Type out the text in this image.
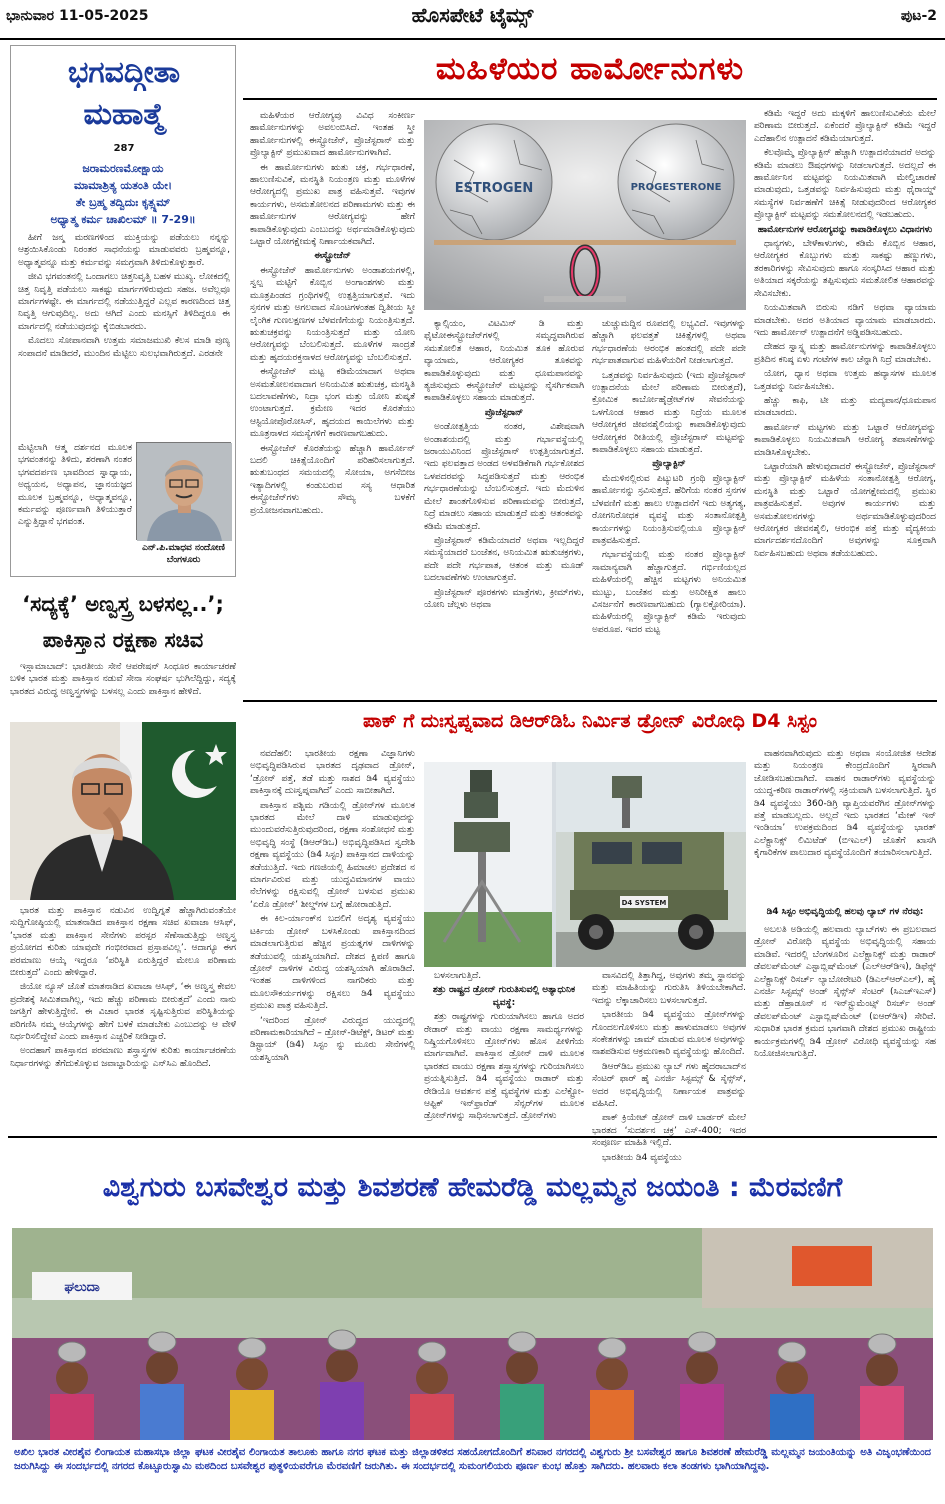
ಭಾನುವಾರ 11-05-2025	ಹೊಸಪೇಟೆ ಟೈಮ್ಸ್	ಪುಟ-2
ಭಗವದ್ಗೀತಾ
ಮಹಾತ್ಮೆ
287
ಜರಾಮರಣಮೋಕ್ಷಾಯ
ಮಾಮಾಶ್ರಿತ್ಯ ಯತಂತಿ ಯೇ।
ತೇ ಬ್ರಹ್ಮ ತದ್ವಿದುಃ ಕೃತ್ಸ್ನಮ್
ಅಧ್ಯಾತ್ಮ ಕರ್ಮ ಚಾಖಿಲಮ್ ॥ 7-29॥

ಹೀಗೆ ಜನ್ಮ ಮರಣಗಳಿಂದ ಮುಕ್ತಿಯನ್ನು ಪಡೆಯಲು ನನ್ನನ್ನು ಆಶ್ರಯಿಸಿಕೊಂಡು ನಿರಂತರ ಸಾಧನೆಯನ್ನು ಮಾಡುವವರು ಬ್ರಹ್ಮವನ್ನೂ, ಅಧ್ಯಾತ್ಮವನ್ನೂ ಮತ್ತು ಕರ್ಮವನ್ನು ಸಮಗ್ರವಾಗಿ ತಿಳಿದುಕೊಳ್ಳುತ್ತಾರೆ.

ಜೀವಿ ಭಗವಂತನಲ್ಲಿ ಒಂದಾಗಲು ಚಿತ್ತನಿವೃತ್ತಿ ಬಹಳ ಮುಖ್ಯ. ಲೋಕದಲ್ಲಿ ಚಿತ್ತ ನಿವೃತ್ತಿ ಪಡೆಯಲು ಸಾಕಷ್ಟು ಮಾರ್ಗಗಳಿರುವುದು ಸಹಜ. ಅವೆಲ್ಲವೂ ಮಾರ್ಗಗಳಷ್ಟೇ. ಈ ಮಾರ್ಗದಲ್ಲಿ ನಡೆಯುತ್ತಿದ್ದರೆ ಎಲ್ಲವ ಕಾರಣದಿಂದ ಚಿತ್ತ ನಿವೃತ್ತಿ ಆಗುವುದಿಲ್ಲ. ಅದು ಆಗಿದೆ ಎಂದು ಮನಸ್ಸಿಗೆ ತಿಳಿದಿದ್ದರೂ ಈ ಮಾರ್ಗದಲ್ಲಿ ನಡೆಯುವುದನ್ನು ಕೈಬಿಡಬಾರದು.

ಮೊದಲು ಸೋಪಾನವಾಗಿ ಉತ್ತಮ ಸಮಾಜಮುಖಿ ಕೆಲಸ ಮಾಡಿ ಪುಣ್ಯ ಸಂಪಾದನೆ ಮಾಡಿದರೆ, ಮುಂದಿನ ಮೆಟ್ಟಿಲು ಸುಲಭವಾಗಿರುತ್ತದೆ. ಎರಡನೇ

ಮೆಟ್ಟಿಲಾಗಿ ಆತ್ಮ ದರ್ಶನದ ಮೂಲಕ ಭಗವಂತನನ್ನು ತಿಳಿದು, ಶರಣಾಗಿ ನಂತರ ಭಗವದರ್ಪಣ ಭಾವದಿಂದ ಸ್ವಾಧ್ಯಾಯ, ಅಧ್ಯಯನ, ಅಧ್ಯಾಪನ, ಜ್ಞಾನಯಜ್ಞದ ಮೂಲಕ ಬ್ರಹ್ಮವನ್ನೂ, ಅಧ್ಯಾತ್ಮವನ್ನೂ, ಕರ್ಮವನ್ನು ಪೂರ್ಣವಾಗಿ ತಿಳಿಯುತ್ತಾರೆ ಎನ್ನುತ್ತಿದ್ದಾನೆ ಭಗವಂತ.

ಎನ್.ಪಿ.ಮಾಧವ ನಂದೋಣಿ
ಬೆಂಗಳೂರು
‘ಸದ್ಯಕ್ಕೆ’ ಅಣ್ವಸ್ತ್ರ ಬಳಸಲ್ಲ..’;
ಪಾಕಿಸ್ತಾನ ರಕ್ಷಣಾ ಸಚಿವ

ಇಸ್ಲಾಮಾಬಾದ್: ಭಾರತೀಯ ಸೇನೆ ಆಪರೇಷನ್ ಸಿಂಧೂರ ಕಾರ್ಯಾಚರಣೆ ಬಳಿಕ ಭಾರತ ಮತ್ತು ಪಾಕಿಸ್ತಾನ ನಡುವೆ ಸೇನಾ ಸಂಘರ್ಷ ಭುಗಿಲೆದ್ದಿದ್ದು, ಸದ್ಯಕ್ಕೆ ಭಾರತದ ವಿರುದ್ಧ ಅಣ್ವಸ್ತ್ರಗಳನ್ನು ಬಳಸಲ್ಲ ಎಂದು ಪಾಕಿಸ್ತಾನ ಹೇಳಿದೆ.

ಭಾರತ ಮತ್ತು ಪಾಕಿಸ್ತಾನ ನಡುವಿನ ಉದ್ವಿಗ್ನತೆ ಹೆಚ್ಚಾಗಿರುವಂತೆಯೇ ಸುದ್ದಿಗೋಷ್ಠಿಯಲ್ಲಿ ಮಾತನಾಡಿದ ಪಾಕಿಸ್ತಾನ ರಕ್ಷಣಾ ಸಚಿವ ಖವಾಜಾ ಆಸಿಫ್, ‘ಭಾರತ ಮತ್ತು ಪಾಕಿಸ್ತಾನ ಸೇನೆಗಳು ಪರಸ್ಪರ ಸೆಣೆಸಾಡುತ್ತಿದ್ದು ಅಣ್ವಸ್ತ್ರ ಪ್ರಯೋಗದ ಕುರಿತು ಯಾವುದೇ ಗಂಭೀರವಾದ ಪ್ರಸ್ತಾಪವಿಲ್ಲ’. ಆದಾಗ್ಯೂ ಈಗ ಪರಮಾಣು ಆಯ್ಕೆ ಇದ್ದರೂ ‘ಪರಿಸ್ಥಿತಿ ಏರುತ್ತಿದ್ದರೆ ಮೇಲೂ ಪರಿಣಾಮ ಬೀರುತ್ತದೆ’ ಎಂದು ಹೇಳಿದ್ದಾರೆ.

ಜಿಯೋ ನ್ಯೂಸ್ ಜೊತೆ ಮಾತನಾಡಿದ ಖವಾಜಾ ಆಸಿಫ್, ‘ಈ ಅಣ್ವಸ್ತ್ರ ಕೇವಲ ಪ್ರದೇಶಕ್ಕೆ ಸೀಮಿತವಾಗಿಲ್ಲ, ಇದು ಹೆಚ್ಚು ಪರಿಣಾಮ ಬೀರುತ್ತದೆ’ ಎಂದು ನಾನು ಜಗತ್ತಿಗೆ ಹೇಳುತ್ತಿದ್ದೇನೆ. ಈ ವಿಚಾರ ಭಾರತ ಸೃಷ್ಟಿಸುತ್ತಿರುವ ಪರಿಸ್ಥಿತಿಯನ್ನು ಪರಿಗಣಿಸಿ ನಮ್ಮ ಆಯ್ಕೆಗಳನ್ನು ಹೇಗೆ ಬಳಕೆ ಮಾಡಬೇಕು ಎಂಬುದನ್ನು ಆ ವೇಳೆ ನಿರ್ಧರಿಸಲಿದ್ದೇವೆ ಎಂದು ಪಾಕಿಸ್ತಾನ ಎಚ್ಚರಿಕೆ ನೀಡಿದ್ದಾರೆ.

ಅಂದಹಾಗೆ ಪಾಕಿಸ್ತಾನದ ಪರಮಾಣು ಶಸ್ತ್ರಾಸ್ತ್ರಗಳ ಕುರಿತು ಕಾರ್ಯಾಚರಣೆಯ ನಿರ್ಧಾರಗಳನ್ನು ತೆಗೆದುಕೊಳ್ಳುವ ಜವಾಬ್ದಾರಿಯನ್ನು ಎನ್‌ಸಿಎ ಹೊಂದಿದೆ.

ಮಹಿಳೆಯರ ಹಾರ್ಮೋನುಗಳು

ಮಹಿಳೆಯರ ಆರೋಗ್ಯವು ವಿವಿಧ ಸಂಕೀರ್ಣ ಹಾರ್ಮೋನುಗಳನ್ನು ಅವಲಂಬಿಸಿದೆ. ಇಂತಹ ಸ್ತ್ರೀ ಹಾರ್ಮೋನುಗಳಲ್ಲಿ ಈಸ್ಟ್ರೋಜೆನ್, ಪ್ರೊಜೆಸ್ಟರಾನ್ ಮತ್ತು ಪ್ರೊಲ್ಯಾಕ್ಟಿನ್ ಪ್ರಮುಖವಾದ ಹಾರ್ಮೋನುಗಳಾಗಿವೆ.

ಈ ಹಾರ್ಮೋನುಗಳು ಋತು ಚಕ್ರ, ಗರ್ಭಧಾರಣೆ, ಹಾಲುಣಿಸುವಿಕೆ, ಮನಸ್ಥಿತಿ ನಿಯಂತ್ರಣ ಮತ್ತು ಮೂಳೆಗಳ ಆರೋಗ್ಯದಲ್ಲಿ ಪ್ರಮುಖ ಪಾತ್ರ ವಹಿಸುತ್ತವೆ. ಇವುಗಳ ಕಾರ್ಯಗಳು, ಅಸಮತೋಲನದ ಪರಿಣಾಮಗಳು ಮತ್ತು ಈ ಹಾರ್ಮೋನುಗಳ ಆರೋಗ್ಯವನ್ನು ಹೇಗೆ ಕಾಪಾಡಿಕೊಳ್ಳುವುದು ಎಂಬುದನ್ನು ಅರ್ಥಮಾಡಿಕೊಳ್ಳುವುದು ಒಟ್ಟಾರೆ ಯೋಗಕ್ಷೇಮಕ್ಕೆ ನಿರ್ಣಾಯಕವಾಗಿದೆ.

ಈಸ್ಟ್ರೋಜೆನ್

ಈಸ್ಟ್ರೋಜೆನ್ ಹಾರ್ಮೋನುಗಳು ಅಂಡಾಶಯಗಳಲ್ಲಿ, ಸ್ವಲ್ಪ ಮಟ್ಟಿಗೆ ಕೊಬ್ಬಿನ ಅಂಗಾಂಶಗಳು ಮತ್ತು ಮೂತ್ರಪಿಂಡದ ಗ್ರಂಥಿಗಳಲ್ಲಿ ಉತ್ಪತ್ತಿಯಾಗುತ್ತವೆ. ಇದು ಸ್ತನಗಳ ಮತ್ತು ಅಗಲವಾದ ಸೊಂಟಗಳಂತಹ ದ್ವಿತೀಯ ಸ್ತ್ರೀ ಲೈಂಗಿಕ ಗುಣಲಕ್ಷಣಗಳ ಬೆಳವಣಿಗೆಯನ್ನು ನಿಯಂತ್ರಿಸುತ್ತದೆ. ಋತುಚಕ್ರವನ್ನು ನಿಯಂತ್ರಿಸುತ್ತದೆ ಮತ್ತು ಯೋನಿ ಆರೋಗ್ಯವನ್ನು ಬೆಂಬಲಿಸುತ್ತದೆ. ಮೂಳೆಗಳ ಸಾಂದ್ರತೆ ಮತ್ತು ಹೃದಯರಕ್ತನಾಳದ ಆರೋಗ್ಯವನ್ನು ಬೆಂಬಲಿಸುತ್ತದೆ.

ಈಸ್ಟ್ರೋಜೆನ್ ಮಟ್ಟ ಕಡಿಮೆಯಾದಾಗ ಅಥವಾ ಅಸಮತೋಲನವಾದಾಗ ಅನಿಯಮಿತ ಋತುಚಕ್ರ, ಮನಸ್ಥಿತಿ ಬದಲಾವಣೆಗಳು, ನಿದ್ರಾ ಭಂಗ ಮತ್ತು ಯೋನಿ ಶುಷ್ಕತೆ ಉಂಟಾಗುತ್ತದೆ. ಕ್ರಮೇಣ ಇದರ ಕೊರತೆಯು ಆಸ್ಟಿಯೋಪೊರೋಸಿಸ್, ಹೃದಯದ ಕಾಯಿಲೆಗಳು ಮತ್ತು ಮೂತ್ರನಾಳದ ಸಮಸ್ಯೆಗಳಿಗೆ ಕಾರಣವಾಗಬಹುದು.

ಈಸ್ಟ್ರೋಜೆನ್ ಕೊರತೆಯನ್ನು ಹೆಚ್ಚಾಗಿ ಹಾರ್ಮೋನ್ ಬದಲಿ ಚಿಕಿತ್ಸೆಯೊಂದಿಗೆ ಪರಿಹರಿಸಲಾಗುತ್ತದೆ. ಋತುಬಂಧದ ಸಮಯದಲ್ಲಿ ಸೋಯಾ, ಅಗಸೆಬೀಜ ಇತ್ಯಾದಿಗಳಲ್ಲಿ ಕಂಡುಬರುವ ಸಸ್ಯ ಆಧಾರಿತ ಈಸ್ಟ್ರೋಜೆನ್‌ಗಳು ಸೌಮ್ಯ ಬಳಕೆಗೆ ಪ್ರಯೋಜನವಾಗಬಹುದು.

ESTROGEN	PROGESTERONE

ಕ್ಯಾಲ್ಸಿಯಂ, ವಿಟಮಿನ್ ಡಿ ಮತ್ತು ಫೈಟೋಈಸ್ಟ್ರೋಜೆನ್‌ಗಳಲ್ಲಿ ಸಮೃದ್ಧವಾಗಿರುವ ಸಮತೋಲಿತ ಆಹಾರ, ನಿಯಮಿತ ತೂಕ ಹೊರುವ ವ್ಯಾಯಾಮ, ಆರೋಗ್ಯಕರ ತೂಕವನ್ನು ಕಾಪಾಡಿಕೊಳ್ಳುವುದು ಮತ್ತು ಧೂಮಪಾನವನ್ನು ತ್ಯಜಿಸುವುದು ಈಸ್ಟ್ರೋಜೆನ್ ಮಟ್ಟವನ್ನು ನೈಸರ್ಗಿಕವಾಗಿ ಕಾಪಾಡಿಕೊಳ್ಳಲು ಸಹಾಯ ಮಾಡುತ್ತದೆ.

ಪ್ರೊಜೆಸ್ಟರಾನ್

ಅಂಡೋತ್ಪತ್ತಿಯ ನಂತರ, ವಿಶೇಷವಾಗಿ ಅಂಡಾಶಯದಲ್ಲಿ ಮತ್ತು ಗರ್ಭಾವಸ್ಥೆಯಲ್ಲಿ ಜರಾಯುವಿನಿಂದ ಪ್ರೊಜೆಸ್ಟರಾನ್ ಉತ್ಪತ್ತಿಯಾಗುತ್ತದೆ. ಇದು ಫಲವತ್ತಾದ ಅಂಡದ ಅಳವಡಿಕೆಗಾಗಿ ಗರ್ಭಕೋಶದ ಒಳಪದರವನ್ನು ಸಿದ್ಧಪಡಿಸುತ್ತದೆ ಮತ್ತು ಆರಂಭಿಕ ಗರ್ಭಧಾರಣೆಯನ್ನು ಬೆಂಬಲಿಸುತ್ತದೆ. ಇದು ಮೆದುಳಿನ ಮೇಲೆ ಶಾಂತಗೊಳಿಸುವ ಪರಿಣಾಮವನ್ನು ಬೀರುತ್ತದೆ, ನಿದ್ರೆ ಮಾಡಲು ಸಹಾಯ ಮಾಡುತ್ತದೆ ಮತ್ತು ಆತಂಕವನ್ನು ಕಡಿಮೆ ಮಾಡುತ್ತದೆ.

ಪ್ರೊಜೆಸ್ಟರಾನ್ ಕಡಿಮೆಯಾದರೆ ಅಥವಾ ಇಲ್ಲದಿದ್ದರೆ ಸಮಸ್ಯೆಯಾದರೆ ಬಂಜೆತನ, ಅನಿಯಮಿತ ಋತುಚಕ್ರಗಳು, ಪದೇ ಪದೇ ಗರ್ಭಪಾತ, ಆತಂಕ ಮತ್ತು ಮೂಡ್ ಬದಲಾವಣೆಗಳು ಉಂಟಾಗುತ್ತವೆ.

ಪ್ರೊಜೆಸ್ಟರಾನ್ ಪೂರಕಗಳು ಮಾತ್ರೆಗಳು, ಕ್ರೀಮ್‌ಗಳು, ಯೋನಿ ಜೆಲ್ಗಳು ಅಥವಾ

ಚುಚ್ಚುಮದ್ದಿನ ರೂಪದಲ್ಲಿ ಲಭ್ಯವಿದೆ. ಇವುಗಳನ್ನು ಹೆಚ್ಚಾಗಿ ಫಲವತ್ತತೆ ಚಿಕಿತ್ಸೆಗಳಲ್ಲಿ ಅಥವಾ ಗರ್ಭಧಾರಣೆಯ ಆರಂಭಿಕ ಹಂತದಲ್ಲಿ ಪದೇ ಪದೇ ಗರ್ಭಪಾತವಾಗುವ ಮಹಿಳೆಯರಿಗೆ ನೀಡಲಾಗುತ್ತದೆ.

ಒತ್ತಡವನ್ನು ನಿರ್ವಹಿಸುವುದು (ಇದು ಪ್ರೊಜೆಸ್ಟರಾನ್ ಉತ್ಪಾದನೆಯ ಮೇಲೆ ಪರಿಣಾಮ ಬೀರುತ್ತದೆ), ಕ್ರೋಮಿಕ ಕಾರ್ಬೋಹೈಡ್ರೇಟ್‌ಗಳ ಸೇವನೆಯನ್ನು ಒಳಗೊಂಡ ಆಹಾರ ಮತ್ತು ನಿದ್ರೆಯ ಮೂಲಕ ಆರೋಗ್ಯಕರ ಜೀವನಶೈಲಿಯನ್ನು ಕಾಪಾಡಿಕೊಳ್ಳುವುದು ಆರೋಗ್ಯಕರ ರೀತಿಯಲ್ಲಿ ಪ್ರೊಜೆಸ್ಟರಾನ್ ಮಟ್ಟವನ್ನು ಕಾಪಾಡಿಕೊಳ್ಳಲು ಸಹಾಯ ಮಾಡುತ್ತದೆ.

ಪ್ರೊಲ್ಯಾಕ್ಟಿನ್

ಮೆದುಳಿನಲ್ಲಿರುವ ಪಿಟ್ಯುಟರಿ ಗ್ರಂಥಿ ಪ್ರೊಲ್ಯಾಕ್ಟಿನ್ ಹಾರ್ಮೋನನ್ನು ಸ್ರವಿಸುತ್ತದೆ. ಹೆರಿಗೆಯ ನಂತರ ಸ್ತನಗಳ ಬೆಳವಣಿಗೆ ಮತ್ತು ಹಾಲು ಉತ್ಪಾದನೆಗೆ ಇದು ಅತ್ಯಗತ್ಯ, ರೋಗನಿರೋಧಕ ವ್ಯವಸ್ಥೆ ಮತ್ತು ಸಂತಾನೋತ್ಪತ್ತಿ ಕಾರ್ಯಗಳನ್ನು ನಿಯಂತ್ರಿಸುವಲ್ಲಿಯೂ ಪ್ರೊಲ್ಯಾಕ್ಟಿನ್ ಪಾತ್ರವಹಿಸುತ್ತದೆ.

ಗರ್ಭಾವಸ್ಥೆಯಲ್ಲಿ ಮತ್ತು ನಂತರ ಪ್ರೊಲ್ಯಾಕ್ಟಿನ್ ಸಾಮಾನ್ಯವಾಗಿ ಹೆಚ್ಚಾಗುತ್ತದೆ. ಗರ್ಭಿಣಿಯಲ್ಲದ ಮಹಿಳೆಯರಲ್ಲಿ ಹೆಚ್ಚಿನ ಮಟ್ಟಗಳು ಅನಿಯಮಿತ ಮುಟ್ಟು, ಬಂಜೆತನ ಮತ್ತು ಅನಿರೀಕ್ಷಿತ ಹಾಲು ವಿಸರ್ಜನೆಗೆ ಕಾರಣವಾಗಬಹುದು (ಗ್ಯಾಲಕ್ಟೋರಿಯಾ). ಮಹಿಳೆಯರಲ್ಲಿ ಪ್ರೊಲ್ಯಾಕ್ಟಿನ್ ಕಡಿಮೆ ಇರುವುದು ಅಪರೂಪ. ಇದರ ಮಟ್ಟ

ಕಡಿಮೆ ಇದ್ದರೆ ಅದು ಮಕ್ಕಳಿಗೆ ಹಾಲುಣಿಸುವಿಕೆಯ ಮೇಲೆ ಪರಿಣಾಮ ಬೀರುತ್ತದೆ. ಏಕೆಂದರೆ ಪ್ರೊಲ್ಯಾಕ್ಟಿನ್ ಕಡಿಮೆ ಇದ್ದರೆ ಎದೆಹಾಲಿನ ಉತ್ಪಾದನೆ ಕಡಿಮೆಯಾಗುತ್ತದೆ.

ಕೆಲವೊಮ್ಮೆ ಪ್ರೊಲ್ಯಾಕ್ಟಿನ್ ಹೆಚ್ಚಾಗಿ ಉತ್ಪಾದನೆಯಾದರೆ ಅದನ್ನು ಕಡಿಮೆ ಮಾಡಲು ಔಷಧಗಳನ್ನು ನೀಡಲಾಗುತ್ತದೆ. ಅದಲ್ಲದೆ ಈ ಹಾರ್ಮೋನಿನ ಮಟ್ಟವನ್ನು ನಿಯಮಿತವಾಗಿ ಮೇಲ್ವಿಚಾರಣೆ ಮಾಡುವುದು, ಒತ್ತಡವನ್ನು ನಿರ್ವಹಿಸುವುದು ಮತ್ತು ಥೈರಾಯ್ಡ್ ಸಮಸ್ಯೆಗಳ ನಿರ್ವಹಣೆಗೆ ಚಿಕಿತ್ಸೆ ನೀಡುವುದರಿಂದ ಆರೋಗ್ಯಕರ ಪ್ರೊಲ್ಯಾಕ್ಟಿನ್ ಮಟ್ಟವನ್ನು ಸಮತೋಲನದಲ್ಲಿ ಇಡಬಹುದು.

ಹಾರ್ಮೋನುಗಳ ಆರೋಗ್ಯವನ್ನು ಕಾಪಾಡಿಕೊಳ್ಳಲು ವಿಧಾನಗಳು

ಧಾನ್ಯಗಳು, ಬೇಳೆಕಾಳುಗಳು, ಕಡಿಮೆ ಕೊಬ್ಬಿನ ಆಹಾರ, ಆರೋಗ್ಯಕರ ಕೊಬ್ಬುಗಳು ಮತ್ತು ಸಾಕಷ್ಟು ಹಣ್ಣುಗಳು, ತರಕಾರಿಗಳನ್ನು ಸೇವಿಸುವುದು ಹಾಗೂ ಸಂಸ್ಕರಿಸಿದ ಆಹಾರ ಮತ್ತು ಅತಿಯಾದ ಸಕ್ಕರೆಯನ್ನು ತಪ್ಪಿಸುವುದು ಸಮತೋಲಿತ ಆಹಾರವನ್ನು ಸೇವಿಸಬೇಕು.

ನಿಯಮಿತವಾಗಿ ಬಿರುಸು ನಡಿಗೆ ಅಥವಾ ವ್ಯಾಯಾಮ ಮಾಡಬೇಕು. ಅದರ ಅತಿಯಾದ ವ್ಯಾಯಾಮ ಮಾಡಬಾರದು. ಇದು ಹಾರ್ಮೋನ್ ಉತ್ಪಾದನೆಗೆ ಅಡ್ಡಿಪಡಿಸಬಹುದು.

ದೇಹದ ಸ್ವಾಸ್ಥ್ಯ ಮತ್ತು ಹಾರ್ಮೋನುಗಳನ್ನು ಕಾಪಾಡಿಕೊಳ್ಳಲು ಪ್ರತಿದಿನ ಕನಿಷ್ಠ ಏಳು ಗಂಟೆಗಳ ಕಾಲ ಚೆನ್ನಾಗಿ ನಿದ್ರೆ ಮಾಡಬೇಕು.

ಯೋಗ, ಧ್ಯಾನ ಅಥವಾ ಉತ್ತಮ ಹವ್ಯಾಸಗಳ ಮೂಲಕ ಒತ್ತಡವನ್ನು ನಿರ್ವಹಿಸಬೇಕು.

ಹೆಚ್ಚು ಕಾಫಿ, ಟೀ ಮತ್ತು ಮದ್ಯಪಾನ/ಧೂಮಪಾನ ಮಾಡಬಾರದು.

ಹಾರ್ಮೋನ್ ಮಟ್ಟಗಳು ಮತ್ತು ಒಟ್ಟಾರೆ ಆರೋಗ್ಯವನ್ನು ಕಾಪಾಡಿಕೊಳ್ಳಲು ನಿಯಮಿತವಾಗಿ ಆರೋಗ್ಯ ತಪಾಸಣೆಗಳನ್ನು ಮಾಡಿಸಿಕೊಳ್ಳಬೇಕು.

ಒಟ್ಟಾರೆಯಾಗಿ ಹೇಳುವುದಾದರೆ ಈಸ್ಟ್ರೋಜೆನ್, ಪ್ರೊಜೆಸ್ಟರಾನ್ ಮತ್ತು ಪ್ರೊಲ್ಯಾಕ್ಟಿನ್ ಮಹಿಳೆಯ ಸಂತಾನೋತ್ಪತ್ತಿ ಆರೋಗ್ಯ, ಮನಸ್ಥಿತಿ ಮತ್ತು ಒಟ್ಟಾರೆ ಯೋಗಕ್ಷೇಮದಲ್ಲಿ ಪ್ರಮುಖ ಪಾತ್ರವಹಿಸುತ್ತವೆ. ಅವುಗಳ ಕಾರ್ಯಗಳು ಮತ್ತು ಅಸಮತೋಲನಗಳನ್ನು ಅರ್ಥಮಾಡಿಕೊಳ್ಳುವುದರಿಂದ ಆರೋಗ್ಯಕರ ಜೀವನಶೈಲಿ, ಆರಂಭಿಕ ಪತ್ತೆ ಮತ್ತು ವೈದ್ಯಕೀಯ ಮಾರ್ಗದರ್ಶನದೊಂದಿಗೆ ಅವುಗಳನ್ನು ಸೂಕ್ತವಾಗಿ ನಿರ್ವಹಿಸಬಹುದು ಅಥವಾ ತಡೆಯಬಹುದು.

ಪಾಕ್ ಗೆ ದುಃಸ್ವಪ್ನವಾದ ಡಿಆರ್‌ಡಿಓ ನಿರ್ಮಿತ ಡ್ರೋನ್ ವಿರೋಧಿ D4 ಸಿಸ್ಟಂ

ನವದೆಹಲಿ: ಭಾರತೀಯ ರಕ್ಷಣಾ ವಿಜ್ಞಾನಿಗಳು ಅಭಿವೃದ್ಧಿಪಡಿಸಿರುವ ಭಾರತದ ದೃಢವಾದ ಡ್ರೋನ್, ‘ಡ್ರೋನ್ ಪತ್ತೆ, ತಡೆ ಮತ್ತು ನಾಶದ ಡಿ4 ವ್ಯವಸ್ಥೆಯು ಪಾಕಿಸ್ತಾನಕ್ಕೆ ದುಃಸ್ವಪ್ನವಾಗಿದೆ’ ಎಂದು ಸಾಬೀತಾಗಿದೆ.

ಪಾಕಿಸ್ತಾನ ಪಶ್ಚಿಮ ಗಡಿಯಲ್ಲಿ ಡ್ರೋನ್‌ಗಳ ಮೂಲಕ ಭಾರತದ ಮೇಲೆ ದಾಳಿ ಮಾಡುವುದನ್ನು ಮುಂದುವರೆಸುತ್ತಿರುವುದರಿಂದ, ರಕ್ಷಣಾ ಸಂಶೋಧನೆ ಮತ್ತು ಅಭಿವೃದ್ಧಿ ಸಂಸ್ಥೆ (ಡಿಆರ್‌ಡಿಒ) ಅಭಿವೃದ್ಧಿಪಡಿಸಿದ ಸ್ವದೇಶಿ ರಕ್ಷಣಾ ವ್ಯವಸ್ಥೆಯು (ಡಿ4 ಸಿಸ್ಟಂ) ಪಾಕಿಸ್ತಾನದ ದಾಳಿಯನ್ನು ತಡೆಯುತ್ತಿದೆ. ಇದು ಗಣಜಿಯಲ್ಲಿ ಹಿಮಾಚಲ ಪ್ರದೇಶದ ನ ಮಾರ್ಗವಿರುವ ಮತ್ತು ಯುದ್ಧವಿಮಾನಗಳ ವಾಯು ನೆಲೆಗಳನ್ನು ರಕ್ಷಿಸುವಲ್ಲಿ ಡ್ರೋನ್ ಬಳಸುವ ಪ್ರಮುಖ ‘ಏರೊ ಡ್ರೋನ್’ ಶೀಲ್ಡ್‌ಗಳ ಬಗ್ಗೆ ಹೋರಾಡುತ್ತಿದೆ.

ಈ ಕಿಲ-ರ್ಯಾಂಕ್‌ನ ಬದಲಿಗೆ ಅದೃಶ್ಯ ವ್ಯವಸ್ಥೆಯು ಟರ್ಕಿಯ ಡ್ರೋನ್ ಬಳಸಿಕೊಂಡು ಪಾಕಿಸ್ತಾನದಿಂದ ಮಾಡಲಾಗುತ್ತಿರುವ ಹೆಚ್ಚಿನ ಪ್ರಯತ್ನಗಳ ದಾಳಿಗಳನ್ನು ತಡೆಯುವಲ್ಲಿ ಯಶಸ್ವಿಯಾಗಿದೆ. ದೇಶದ ಕ್ಷಿಪಣಿ ಹಾಗೂ ಡ್ರೋನ್ ದಾಳಿಗಳ ವಿರುದ್ಧ ಯಶಸ್ವಿಯಾಗಿ ಹೊರಾಡಿದೆ. ಇಂತಹ ದಾಳಿಗಳಿಂದ ನಾಗರಿಕರು ಮತ್ತು ಮೂಲಸೌಕರ್ಯಗಳನ್ನು ರಕ್ಷಿಸಲು ಡಿ4 ವ್ಯವಸ್ಥೆಯು ಪ್ರಮುಖ ಪಾತ್ರ ವಹಿಸುತ್ತಿದೆ.

‘ಇದರಿಂದ ಡ್ರೋನ್ ವಿರುದ್ಧದ ಯುದ್ಧದಲ್ಲಿ ಪರಿಣಾಮಕಾರಿಯಾಗಿದೆ – ಡ್ರೋನ್-ಡಿಟೆಕ್ಟ್, ಡಿಟರ್ ಮತ್ತು ಡಿಸ್ಟ್ರಾಯ್ (ಡಿ4) ಸಿಸ್ಟಂ ನ್ನು ಮೂರು ಸೇನೆಗಳಲ್ಲಿ ಯಶಸ್ವಿಯಾಗಿ

D4 SYSTEM

ಬಳಸಲಾಗುತ್ತಿದೆ.

ಶತ್ರು ರಾಷ್ಟ್ರದ ಡ್ರೋನ್ ಗುರುತಿಸುವಲ್ಲಿ ಅತ್ಯಾಧುನಿಕ ವ್ಯವಸ್ಥೆ:

ಶತ್ರು ರಾಷ್ಟ್ರಗಳನ್ನು ಗುರುಯಾಗಿಸಲು ಹಾಗೂ ಅದರ ರೇಡಾರ್ ಮತ್ತು ವಾಯು ರಕ್ಷಣಾ ಸಾಮರ್ಥ್ಯಗಳನ್ನು ನಿಷ್ಕ್ರಿಯಗೊಳಿಸಲು ಡ್ರೋನ್‌ಗಳು ಹೊಸ ಪೀಳಿಗೆಯ ಮಾರ್ಗವಾಗಿವೆ. ಪಾಕಿಸ್ತಾನ ಡ್ರೋನ್ ದಾಳಿ ಮೂಲಕ ಭಾರತದ ವಾಯು ರಕ್ಷಣಾ ಶಸ್ತ್ರಾಸ್ತ್ರಗಳನ್ನು ಗುರಿಯಾಗಿಸಲು ಪ್ರಯತ್ನಿಸುತ್ತಿದೆ. ಡಿ4 ವ್ಯವಸ್ಥೆಯು ರಾಡಾರ್ ಮತ್ತು ರೇಡಿಯೊ ಆವರ್ತನ ಪತ್ತೆ ವ್ಯವಸ್ಥೆಗಳ ಮತ್ತು ಎಲೆಕ್ಟ್ರೋ-ಆಪ್ಟಿಕ್ ಇನ್‌ಫ್ರಾರೆಡ್ ಸೆನ್ಸರ್‌ಗಳ ಮೂಲಕ ಡ್ರೋನ್‌ಗಳನ್ನು ಸಾಧಿಸಲಾಗುತ್ತದೆ. ಡ್ರೋನ್‌ಗಳು

ವಾಸವಿದಲ್ಲಿ ತಿತ್ತಾಗಿದ್ದ, ಅವುಗಳು ತಮ್ಮ ಸ್ಥಾನವನ್ನು ಮತ್ತು ಮಾಹಿತಿಯನ್ನು ಗುರುತಿಸಿ ತಿಳಿಯಬೇಕಾಗಿದೆ. ಇದನ್ನು ಲೆಕ್ಕಾಚಾರಿಸಲು ಬಳಸಲಾಗುತ್ತದೆ.

ಭಾರತೀಯ ಡಿ4 ವ್ಯವಸ್ಥೆಯು ಡ್ರೋನ್‌ಗಳನ್ನು ಗೊಂದಲಗೊಳಿಸಲು ಮತ್ತು ಹಾಳುಮಾಡಲು ಅವುಗಳ ಸಂಕೇತಗಳನ್ನು ಜಾಮ್ ಮಾಡುವ ಮೂಲಕ ಅವುಗಳನ್ನು ನಾಶಪಡಿಸುವ ಆಕ್ರಮಣಕಾರಿ ವ್ಯವಸ್ಥೆಯನ್ನು ಹೊಂದಿದೆ.

ಡಿಆರ್‌ಡಿಒ ಪ್ರಮುಖ ಲ್ಯಾಬ್ ಗಳು ಹೈದರಾಬಾದ್‌ನ ಸೆಂಟರ್ ಫಾರ್ ಹೈ ಎನರ್ಜಿ ಸಿಸ್ಟಮ್ಸ್ & ಸೈನ್ಸ್‌ಸ್, ಅದರ ಅಭಿವೃದ್ಧಿಯಲ್ಲಿ ನಿರ್ಣಾಯಕ ಪಾತ್ರವನ್ನು ವಹಿಸಿದೆ.

ಪಾಕ್ ಕ್ರಿಯೇಟ್ ಡ್ರೋನ್ ದಾಳಿ ಬಾರ್ಡರ್ ಮೇಲೆ ಭಾರತದ ‘ಸುದರ್ಶನ ಚಕ್ರ’ ಎಸ್-400; ಇದರ ಸಂಪೂರ್ಣ ಮಾಹಿತಿ ಇಲ್ಲಿದೆ.

ಭಾರತೀಯ ಡಿ4 ವ್ಯವಸ್ಥೆಯು

ವಾಹನವಾಗಿರುವುದು ಮತ್ತು ಅಥವಾ ಸಂಯೋಜಿತ ಆದೇಶ ಮತ್ತು ನಿಯಂತ್ರಣ ಕೇಂದ್ರದೊಂದಿಗೆ ಸ್ಥಿರವಾಗಿ ಜೋಡಿಸಬಹುದಾಗಿದೆ. ವಾಹನ ರಾಡಾರ್‌ಗಳು ವ್ಯವಸ್ಥೆಯನ್ನು ಯುದ್ಧ-ಕಠಿಣ ರಾಡಾರ್‌ಗಳಲ್ಲಿ ಸಕ್ರಿಯವಾಗಿ ಬಳಸಲಾಗುತ್ತಿದೆ. ಸ್ಥಿರ ಡಿ4 ವ್ಯವಸ್ಥೆಯು 360-ಡಿಗ್ರಿ ವ್ಯಾಪ್ತಿಯವರೆಗಿನ ಡ್ರೋನ್‌ಗಳನ್ನು ಪತ್ತೆ ಮಾಡಬಲ್ಲದು. ಅಲ್ಲದೆ ಇದು ಭಾರತದ ‘ಮೇಕ್ ಇನ್ ಇಂಡಿಯಾ’ ಉಪಕ್ರಮದಿಂದ ಡಿ4 ವ್ಯವಸ್ಥೆಯನ್ನು ಭಾರತ್ ಎಲೆಕ್ಟ್ರಾನಿಕ್ಸ್ ಲಿಮಿಟೆಡ್ (ಬಿಇಎಲ್) ಜೊತೆಗೆ ಖಾಸಗಿ ಕೈಗಾರಿಕೆಗಳ ಪಾಲುದಾರ ವ್ಯವಸ್ಥೆಯೊಂದಿಗೆ ತಯಾರಿಸಲಾಗುತ್ತಿದೆ.

ಡಿ4 ಸಿಸ್ಟಂ ಅಭಿವೃದ್ಧಿಯಲ್ಲಿ ಹಲವು ಲ್ಯಾಬ್ ಗಳ ನೆರವು:

ಅಬಲತಿ ಅಡಿಯಲ್ಲಿ ಹಲವಾರು ಲ್ಯಾಬ್‌ಗಳು ಈ ಪ್ರಬಲವಾದ ಡ್ರೋನ್ ವಿರೋಧಿ ವ್ಯವಸ್ಥೆಯ ಅಭಿವೃದ್ಧಿಯಲ್ಲಿ ಸಹಾಯ ಮಾಡಿವೆ. ಇದರಲ್ಲಿ ಬೆಂಗಳೂರಿನ ಎಲೆಕ್ಟ್ರಾನಿಕ್ಸ್ ಮತ್ತು ರಾಡಾರ್ ಡೆವಲಪ್‌ಮೆಂಟ್ ಎಸ್ಟಾಬ್ಲಿಷ್‌ಮೆಂಟ್ (ಎಲ್‌ಆರ್‌ಡಿಇ), ಡಿಫೆನ್ಸ್ ಎಲೆಕ್ಟ್ರಾನಿಕ್ಸ್ ರಿಸರ್ಚ್ ಲ್ಯಾಬೋರೇಟರಿ (ಡಿಎಲ್‌ಆರ್‌ಎಲ್), ಹೈ ಎನರ್ಜಿ ಸಿಸ್ಟಮ್ಸ್ ಅಂಡ್ ಸೈನ್ಸ್‌ಸ್ ಸೆಂಟರ್ (ಸಿಎಚ್‌ಇಎಸ್) ಮತ್ತು ಡೆಹ್ರಾಡೂನ್ ನ ಇನ್‌ಸ್ಟ್ರುಮೆಂಟ್ಸ್ ರಿಸರ್ಚ್ ಅಂಡ್ ಡೆವಲಪ್‌ಮೆಂಟ್ ಎಸ್ಟಾಬ್ಲಿಷ್‌ಮೆಂಟ್ (ಐಆರ್‌ಡಿಇ) ಸೇರಿವೆ. ಸುಧಾರಿತ ಭಾರತ ಕ್ರಮದ ಭಾಗವಾಗಿ ದೇಶದ ಪ್ರಮುಖ ರಾಷ್ಟ್ರೀಯ ಕಾರ್ಯಕ್ರಮಗಳಲ್ಲಿ ಡಿ4 ಡ್ರೋನ್ ವಿರೋಧಿ ವ್ಯವಸ್ಥೆಯನ್ನು ಸಹ ನಿಯೋಜಿಸಲಾಗುತ್ತಿದೆ.

ವಿಶ್ವಗುರು ಬಸವೇಶ್ವರ ಮತ್ತು ಶಿವಶರಣೆ ಹೇಮರೆಡ್ಡಿ ಮಲ್ಲಮ್ಮನ ಜಯಂತಿ : ಮೆರವಣಿಗೆ
ಘಲುದಾ
ಅಖಿಲ ಭಾರತ ವೀರಶೈವ ಲಿಂಗಾಯತ ಮಹಾಸಭಾ ಜಿಲ್ಲಾ ಘಟಕ ವೀರಶೈವ ಲಿಂಗಾಯತ ತಾಲೂಕು ಹಾಗೂ ನಗರ ಘಟಕ ಮತ್ತು ಜಿಲ್ಲಾಡಳಿತದ ಸಹಯೋಗದೊಂದಿಗೆ ಶನಿವಾರ ನಗರದಲ್ಲಿ ವಿಶ್ವಗುರು ಶ್ರೀ ಬಸವೇಶ್ವರ ಹಾಗೂ ಶಿವಶರಣೆ ಹೇಮರೆಡ್ಡಿ ಮಲ್ಲಮ್ಮನ ಜಯಂತಿಯನ್ನು ಅತಿ ವಿಜೃಂಭಣೆಯಿಂದ ಜರುಗಿಸಿದ್ದು ಈ ಸಂದರ್ಭದಲ್ಲಿ ನಗರದ ಕೊಟ್ಟೂರುಸ್ವಾಮಿ ಮಠದಿಂದ ಬಸವೇಶ್ವರ ಪುತ್ಥಳಿಯವರೆಗೂ ಮೆರವಣಿಗೆ ಜರುಗಿತು. ಈ ಸಂದರ್ಭದಲ್ಲಿ ಸುಮಂಗಲಿಯರು ಪೂರ್ಣ ಕುಂಭ ಹೊತ್ತು ಸಾಗಿದರು. ಹಲವಾರು ಕಲಾ ತಂಡಗಳು ಭಾಗಿಯಾಗಿದ್ದವು.
